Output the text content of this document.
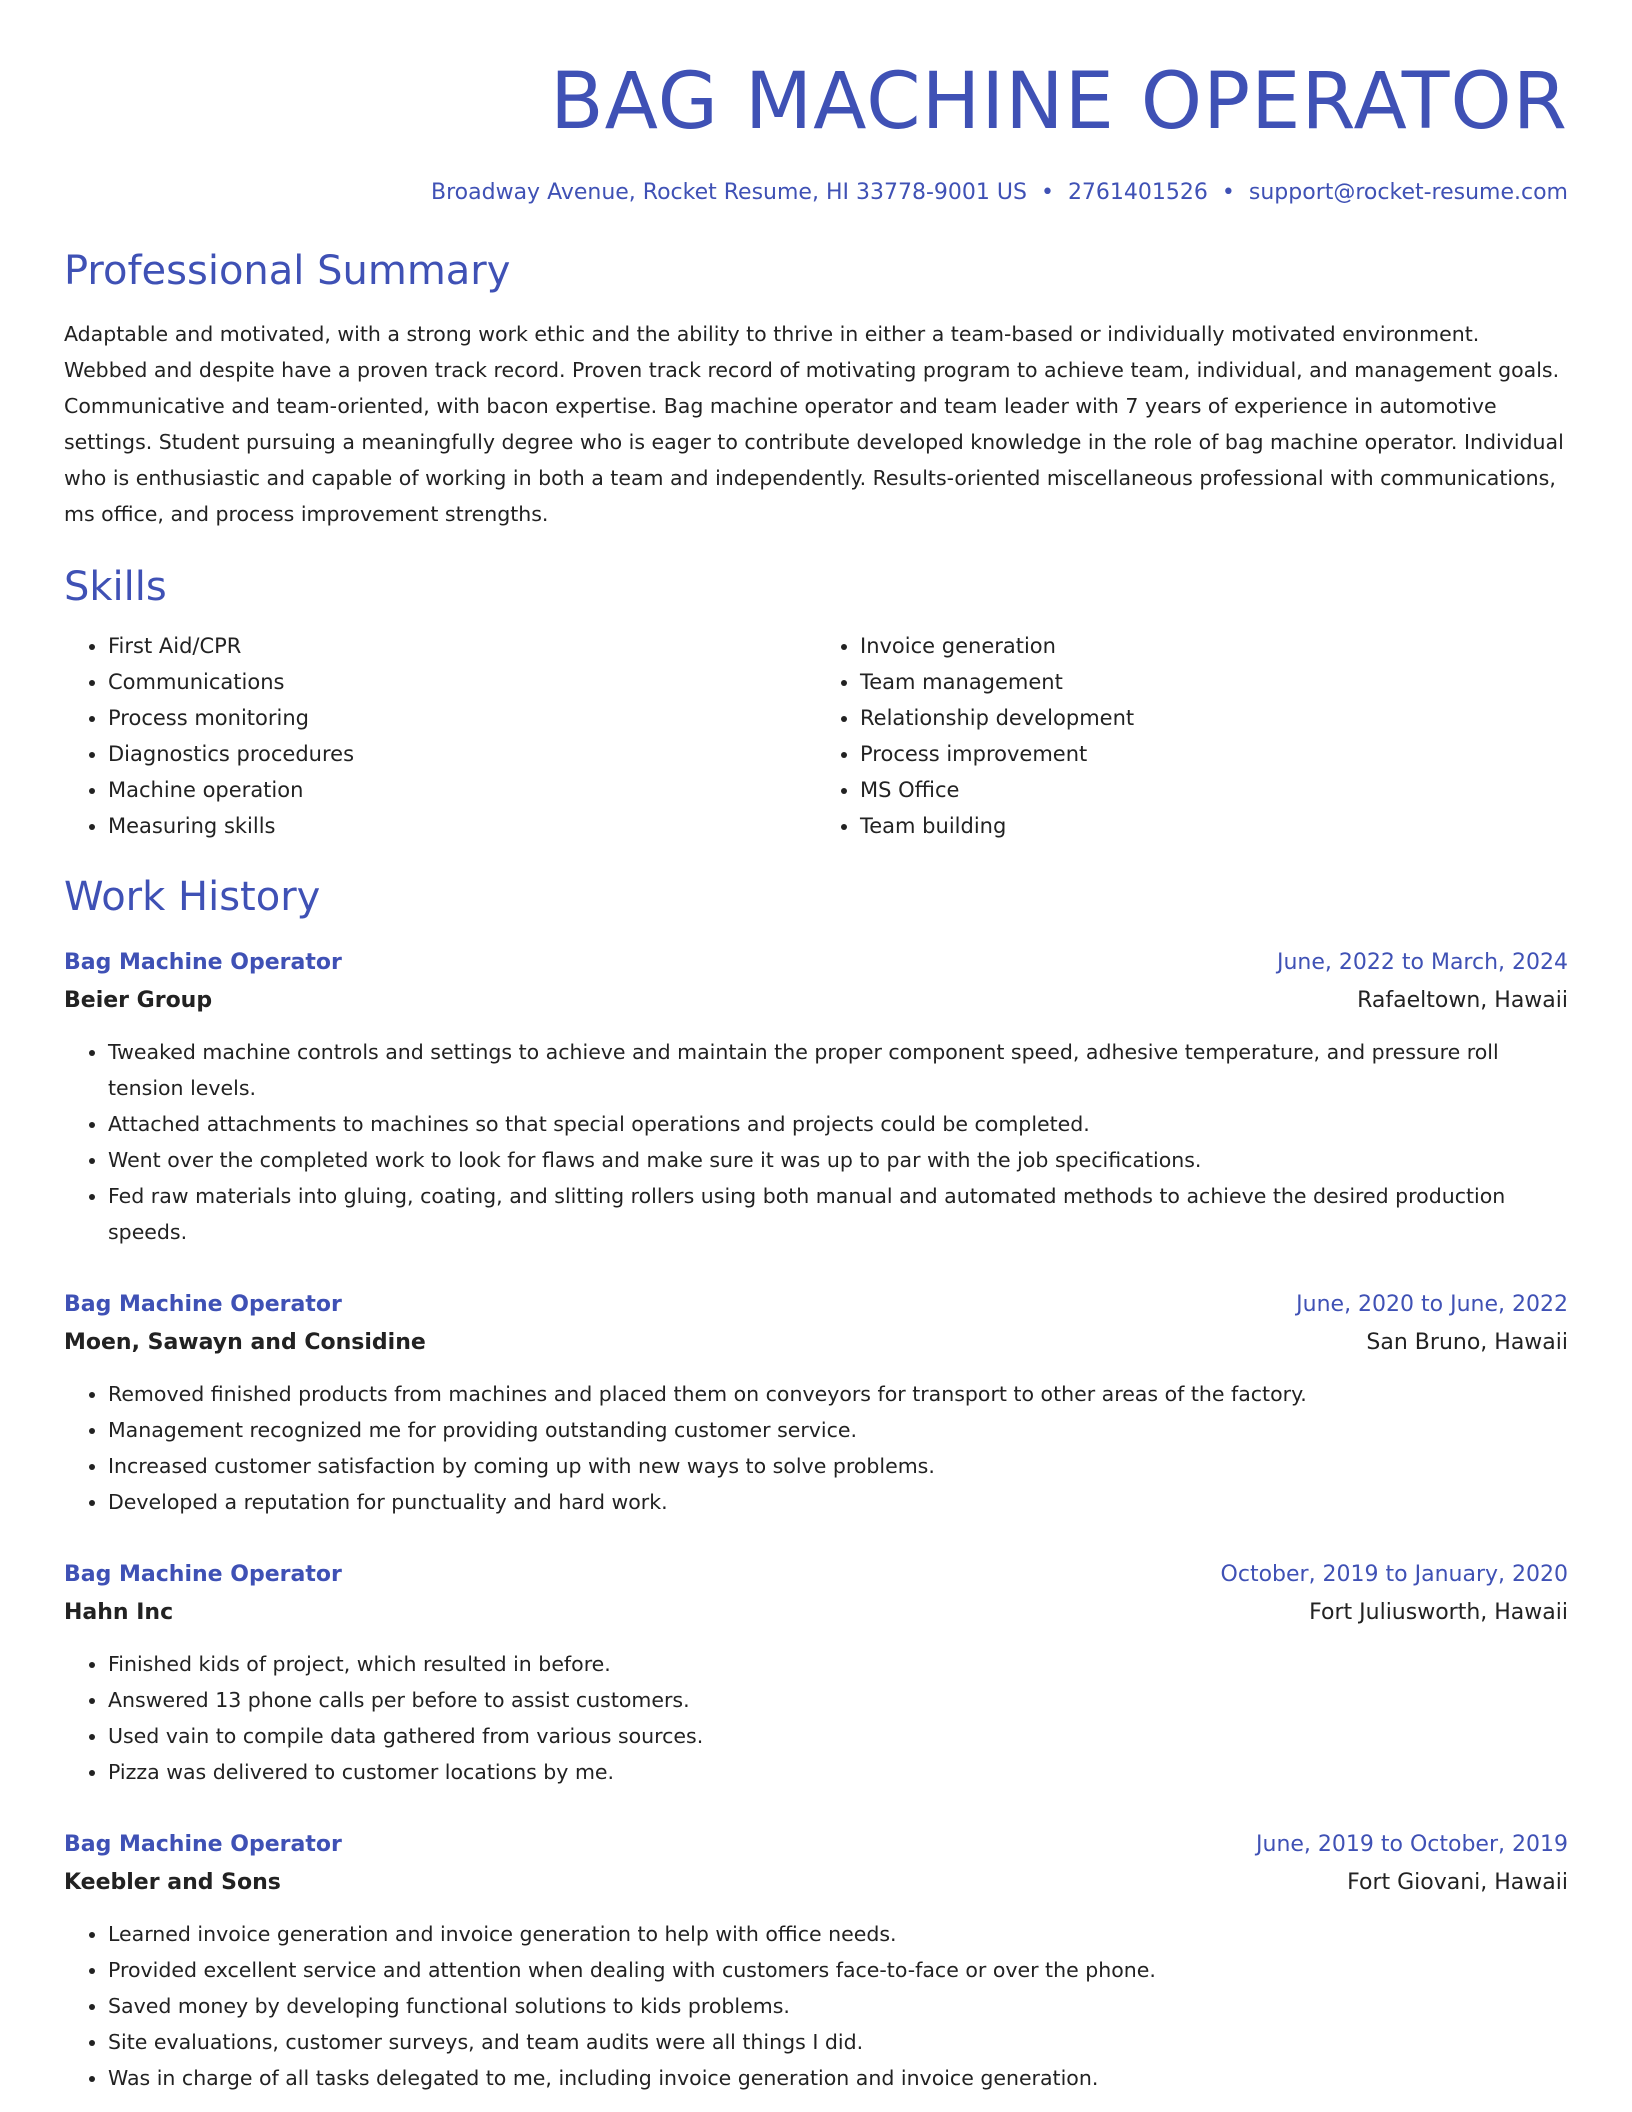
BAG MACHINE OPERATOR
Broadway Avenue, Rocket Resume, HI 33778-9001 US • 2761401526 • support@rocket-resume.com
Professional Summary

Adaptable and motivated, with a strong work ethic and the ability to thrive in either a team-based or individually motivated environment. Webbed and despite have a proven track record. Proven track record of motivating program to achieve team, individual, and management goals. Communicative and team-oriented, with bacon expertise. Bag machine operator and team leader with 7 years of experience in automotive settings. Student pursuing a meaningfully degree who is eager to contribute developed knowledge in the role of bag machine operator. Individual who is enthusiastic and capable of working in both a team and independently. Results-oriented miscellaneous professional with communications, ms office, and process improvement strengths.

Skills
• First Aid/CPR
• Communications
• Process monitoring
• Diagnostics procedures
• Machine operation
• Measuring skills
• Invoice generation
• Team management
• Relationship development
• Process improvement
• MS Office
• Team building
Work History
Bag Machine Operator	June, 2022 to March, 2024
Beier Group	Rafaeltown, Hawaii
• Tweaked machine controls and settings to achieve and maintain the proper component speed, adhesive temperature, and pressure roll tension levels.
• Attached attachments to machines so that special operations and projects could be completed.
• Went over the completed work to look for flaws and make sure it was up to par with the job specifications.
• Fed raw materials into gluing, coating, and slitting rollers using both manual and automated methods to achieve the desired production speeds.
Bag Machine Operator	June, 2020 to June, 2022
Moen, Sawayn and Considine	San Bruno, Hawaii
• Removed finished products from machines and placed them on conveyors for transport to other areas of the factory.
• Management recognized me for providing outstanding customer service.
• Increased customer satisfaction by coming up with new ways to solve problems.
• Developed a reputation for punctuality and hard work.
Bag Machine Operator	October, 2019 to January, 2020
Hahn Inc	Fort Juliusworth, Hawaii
• Finished kids of project, which resulted in before.
• Answered 13 phone calls per before to assist customers.
• Used vain to compile data gathered from various sources.
• Pizza was delivered to customer locations by me.
Bag Machine Operator	June, 2019 to October, 2019
Keebler and Sons	Fort Giovani, Hawaii
• Learned invoice generation and invoice generation to help with office needs.
• Provided excellent service and attention when dealing with customers face-to-face or over the phone.
• Saved money by developing functional solutions to kids problems.
• Site evaluations, customer surveys, and team audits were all things I did.
• Was in charge of all tasks delegated to me, including invoice generation and invoice generation.
